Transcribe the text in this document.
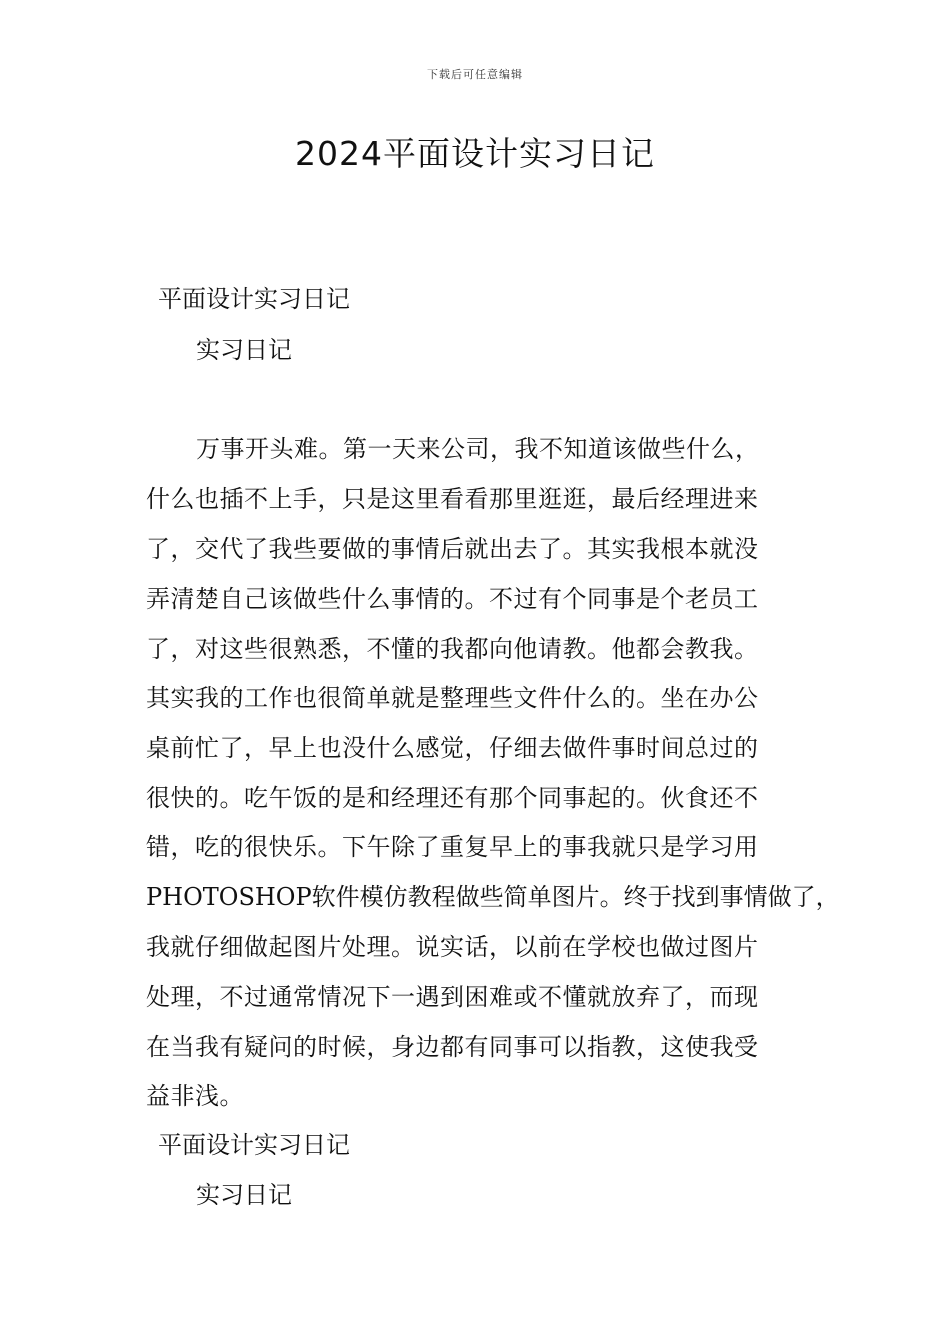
下载后可任意编辑
2024平面设计实习日记
平面设计实习日记
实习日记
万事开头难。第一天来公司，我不知道该做些什么，
什么也插不上手，只是这里看看那里逛逛，最后经理进来
了，交代了我些要做的事情后就出去了。其实我根本就没
弄清楚自己该做些什么事情的。不过有个同事是个老员工
了，对这些很熟悉，不懂的我都向他请教。他都会教我。
其实我的工作也很简单就是整理些文件什么的。坐在办公
桌前忙了，早上也没什么感觉，仔细去做件事时间总过的
很快的。吃午饭的是和经理还有那个同事起的。伙食还不
错，吃的很快乐。下午除了重复早上的事我就只是学习用
PHOTOSHOP软件模仿教程做些简单图片。终于找到事情做了，
我就仔细做起图片处理。说实话，以前在学校也做过图片
处理，不过通常情况下一遇到困难或不懂就放弃了，而现
在当我有疑问的时候，身边都有同事可以指教，这使我受
益非浅。
平面设计实习日记
实习日记
